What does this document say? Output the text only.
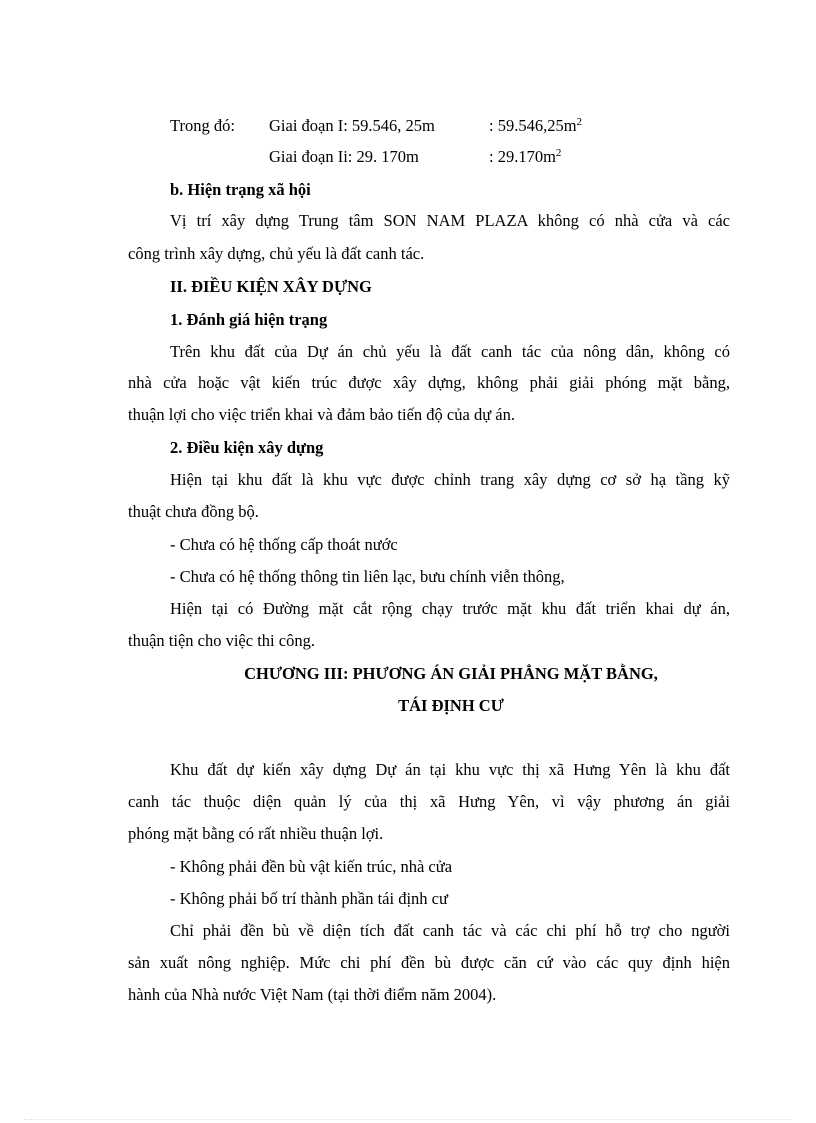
Trong đó: Giai đoạn I: 59.546, 25m	: $59.546,25m^2$
Giai đoạn Ii: 29. 170m	: $29.170m^2$
b. Hiện trạng xã hội
Vị trí xây dựng Trung tâm SON NAM PLAZA không có nhà cửa và các
công trình xây dựng, chủ yếu là đất canh tác.
II. ĐIỀU KIỆN XÂY DỰNG
1. Đánh giá hiện trạng
Trên khu đất của Dự án chủ yếu là đất canh tác của nông dân, không có
nhà cửa hoặc vật kiến trúc được xây dựng, không phải giải phóng mặt bằng,
thuận lợi cho việc triển khai và đảm bảo tiến độ của dự án.
2. Điều kiện xây dựng
Hiện tại khu đất là khu vực được chỉnh trang xây dựng cơ sở hạ tầng kỹ
thuật chưa đồng bộ.
- Chưa có hệ thống cấp thoát nước
- Chưa có hệ thống thông tin liên lạc, bưu chính viễn thông,
Hiện tại có Đường mặt cắt rộng chạy trước mặt khu đất triển khai dự án,
thuận tiện cho việc thi công.
CHƯƠNG III: PHƯƠNG ÁN GIẢI PHẲNG MẶT BẰNG,
TÁI ĐỊNH CƯ
Khu đất dự kiến xây dựng Dự án tại khu vực thị xã Hưng Yên là khu đất
canh tác thuộc diện quản lý của thị xã Hưng Yên, vì vậy phương án giải
phóng mặt bằng có rất nhiều thuận lợi.
- Không phải đền bù vật kiến trúc, nhà cửa
- Không phải bố trí thành phần tái định cư
Chỉ phải đền bù về diện tích đất canh tác và các chi phí hỗ trợ cho người
sản xuất nông nghiệp. Mức chi phí đền bù được căn cứ vào các quy định hiện
hành của Nhà nước Việt Nam (tại thời điểm năm 2004).
